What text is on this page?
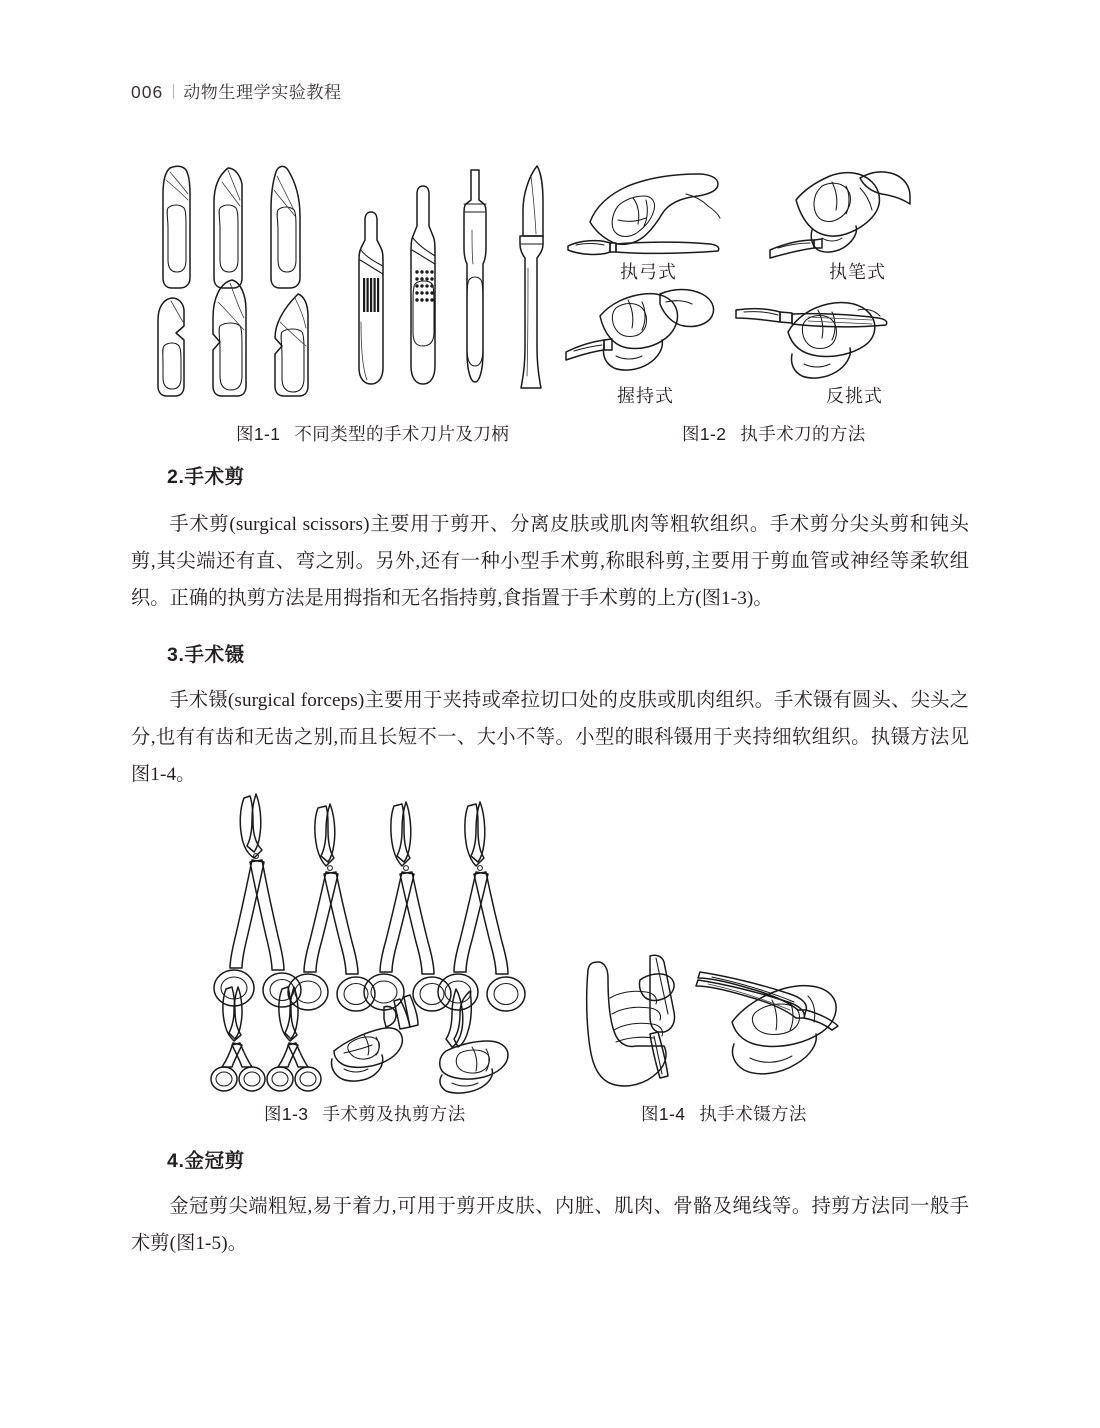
006 动物生理学实验教程
执弓式	执笔式
握持式	反挑式
图1-1 不同类型的手术刀片及刀柄	图1-2 执手术刀的方法
2.手术剪
手术剪(surgical scissors)主要用于剪开、分离皮肤或肌肉等粗软组织。手术剪分尖头剪和钝头剪,其尖端还有直、弯之别。另外,还有一种小型手术剪,称眼科剪,主要用于剪血管或神经等柔软组织。正确的执剪方法是用拇指和无名指持剪,食指置于手术剪的上方(图1-3)。
3.手术镊
手术镊(surgical forceps)主要用于夹持或牵拉切口处的皮肤或肌肉组织。手术镊有圆头、尖头之分,也有有齿和无齿之别,而且长短不一、大小不等。小型的眼科镊用于夹持细软组织。执镊方法见图1-4。
图1-3 手术剪及执剪方法	图1-4 执手术镊方法
4.金冠剪
金冠剪尖端粗短,易于着力,可用于剪开皮肤、内脏、肌肉、骨骼及绳线等。持剪方法同一般手术剪(图1-5)。
